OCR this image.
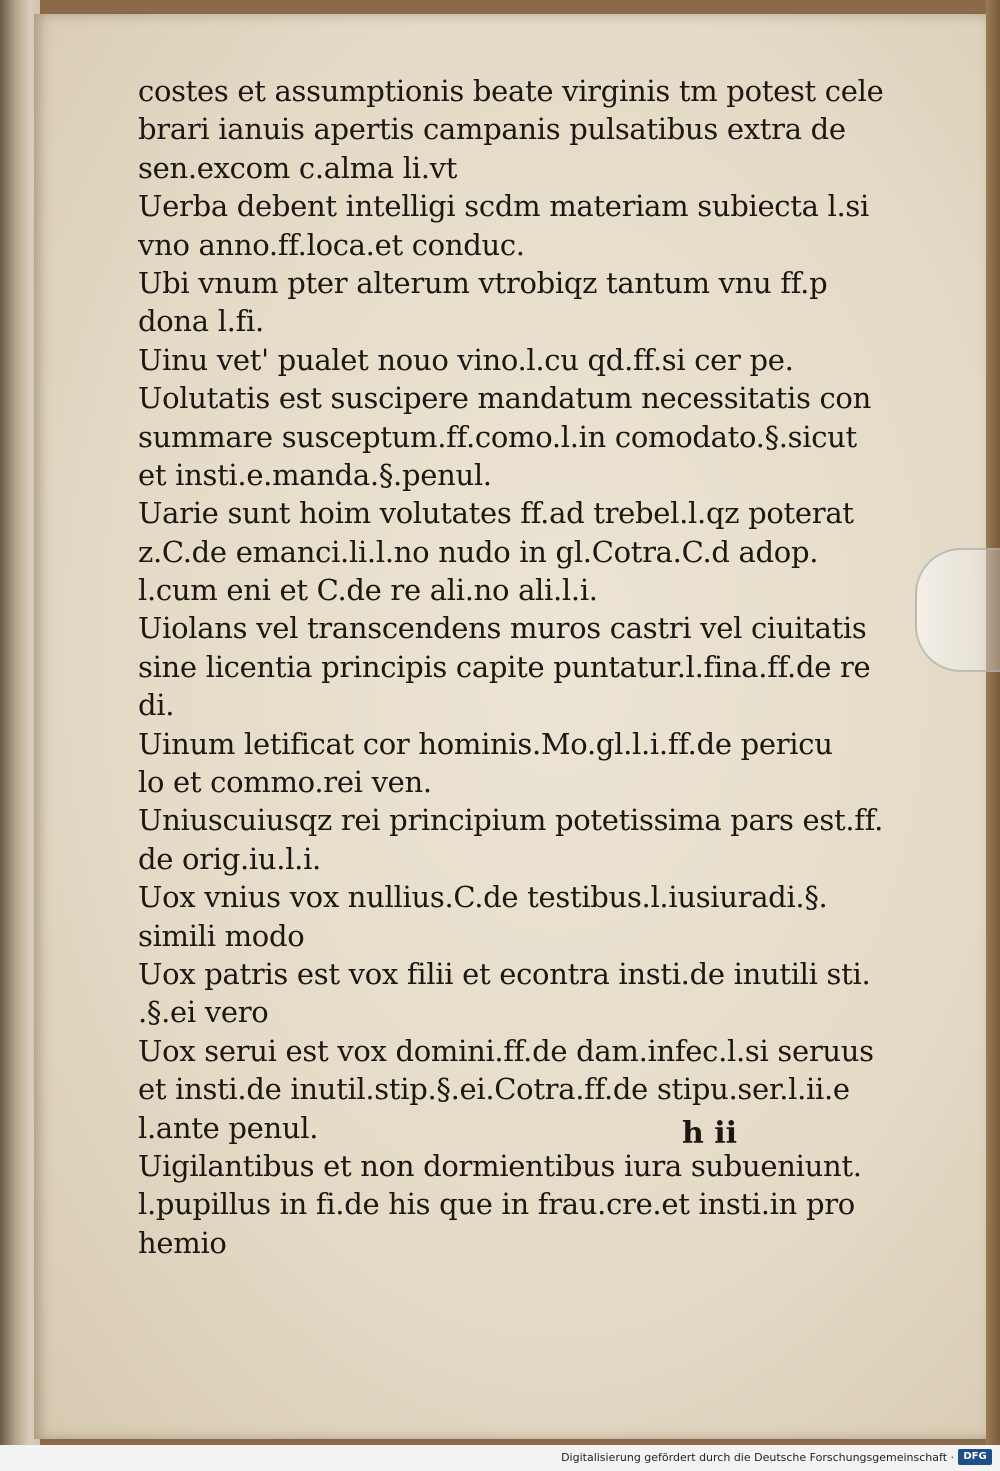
costes et assumptionis beate virginis tm potest cele
brari ianuis apertis campanis pulsatibus extra de
sen.excom c.alma li.vt
Uerba debent intelligi scdm materiam subiecta l.si
vno anno.ff.loca.et conduc.
Ubi vnum pter alterum vtrobiqz tantum vnu ff.p
dona l.fi.
Uinu vet' pualet nouo vino.l.cu qd.ff.si cer pe.
Uolutatis est suscipere mandatum necessitatis con
summare susceptum.ff.como.l.in comodato.§.sicut
et insti.e.manda.§.penul.
Uarie sunt hoim volutates ff.ad trebel.l.qz poterat
z.C.de emanci.li.l.no nudo in gl.Cotra.C.d adop.
l.cum eni et C.de re ali.no ali.l.i.
Uiolans vel transcendens muros castri vel ciuitatis
sine licentia principis capite puntatur.l.fina.ff.de re
di.
Uinum letificat cor hominis.Mo.gl.l.i.ff.de pericu
lo et commo.rei ven.
Uniuscuiusqz rei principium potetissima pars est.ff.
de orig.iu.l.i.
Uox vnius vox nullius.C.de testibus.l.iusiuradi.§.
simili modo
Uox patris est vox filii et econtra insti.de inutili sti.
.§.ei vero
Uox serui est vox domini.ff.de dam.infec.l.si seruus
et insti.de inutil.stip.§.ei.Cotra.ff.de stipu.ser.l.ii.e
l.ante penul.
Uigilantibus et non dormientibus iura subueniunt.
l.pupillus in fi.de his que in frau.cre.et insti.in pro
hemio
h ii
Digitalisierung gefördert durch die Deutsche Forschungsgemeinschaft · DFG
